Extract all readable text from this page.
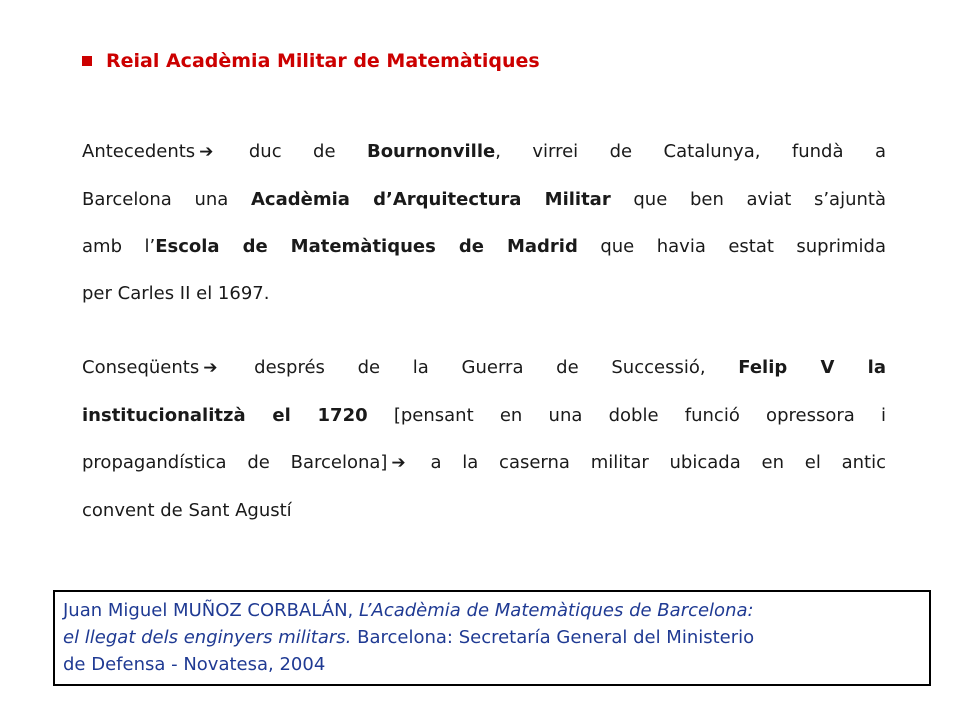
Reial Acadèmia Militar de Matemàtiques
Antecedents ➔ duc de Bournonville, virrei de Catalunya, fundà a
Barcelona una Acadèmia d’Arquitectura Militar que ben aviat s’ajuntà
amb l’Escola de Matemàtiques de Madrid que havia estat suprimida
per Carles II el 1697.
Conseqüents ➔ després de la Guerra de Successió, Felip V la
institucionalitzà el 1720 [pensant en una doble funció opressora i
propagandística de Barcelona] ➔ a la caserna militar ubicada en el antic
convent de Sant Agustí
Juan Miguel MUÑOZ CORBALÁN, L’Acadèmia de Matemàtiques de Barcelona:
el llegat dels enginyers militars. Barcelona: Secretaría General del Ministerio
de Defensa - Novatesa, 2004
